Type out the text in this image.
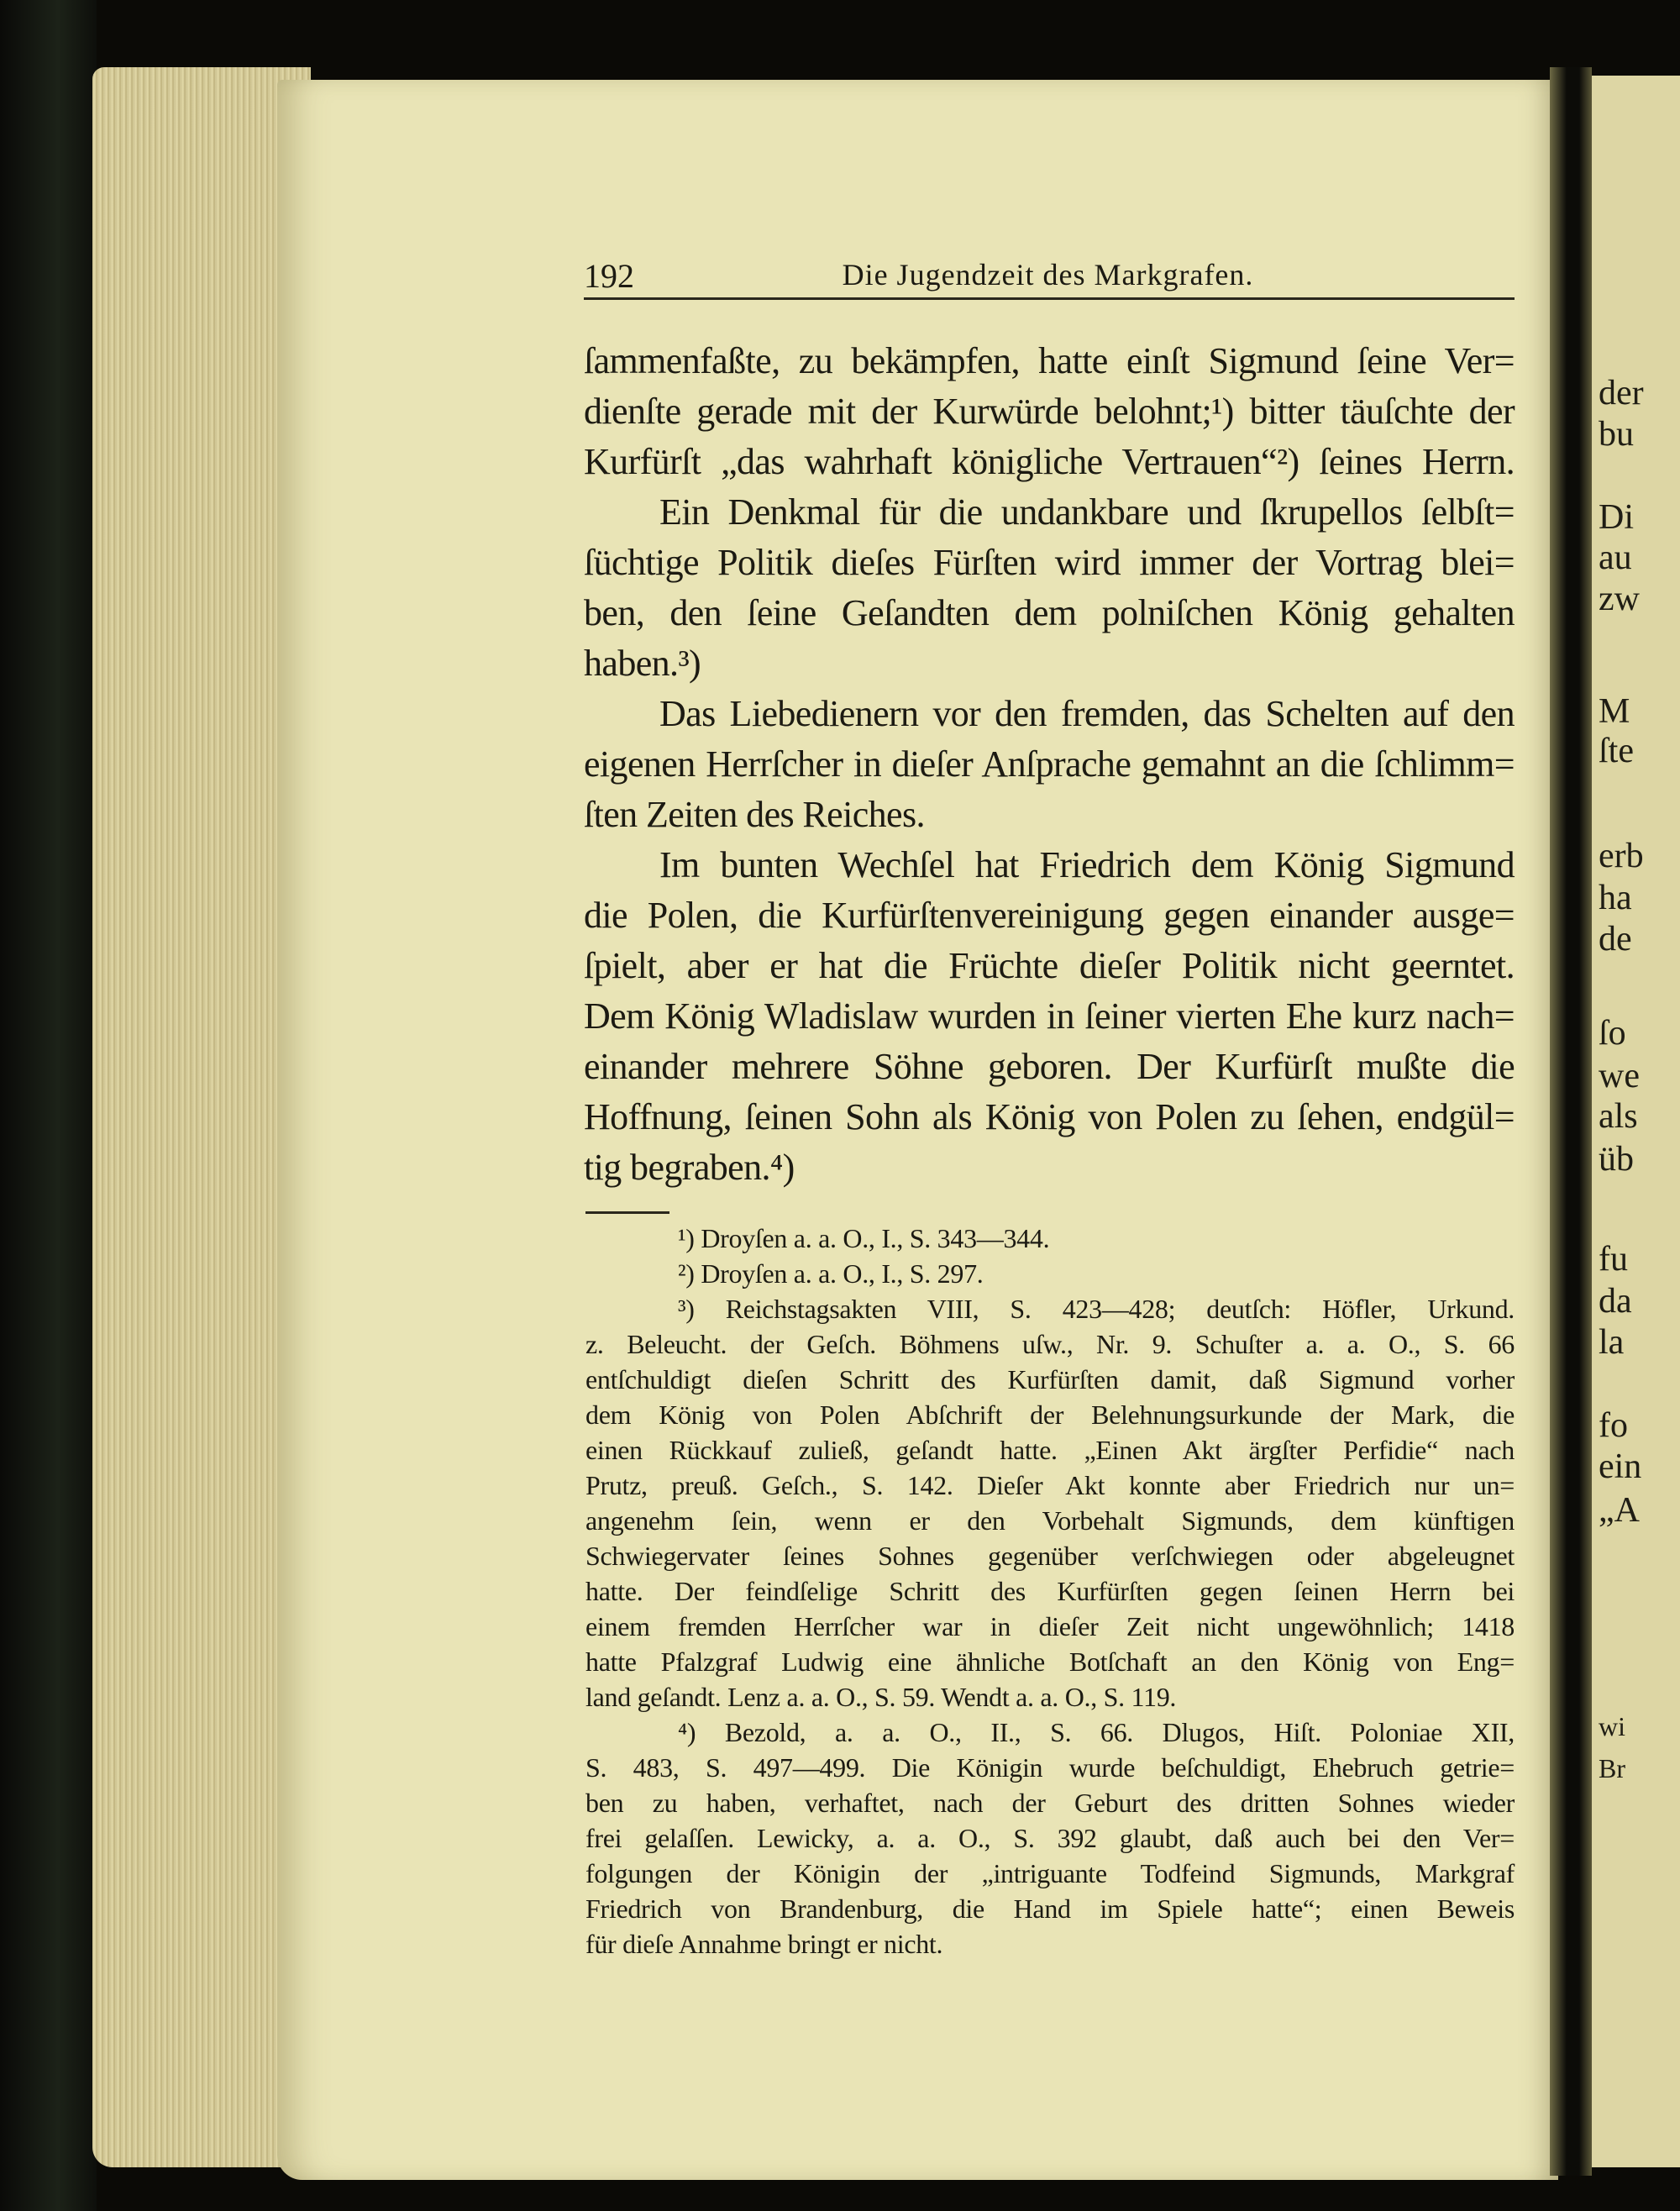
der
bu
Di
au
zw
M
ſte
erb
ha
de
ſo
we
als
üb
fu
da
la
fo
ein
„A
wi
Br
192	Die Jugendzeit des Markgrafen.
ſammenfaßte, zu bekämpfen, hatte einſt Sigmund ſeine Ver=
dienſte gerade mit der Kurwürde belohnt;¹) bitter täuſchte der
Kurfürſt „das wahrhaft königliche Vertrauen“²) ſeines Herrn.
Ein Denkmal für die undankbare und ſkrupellos ſelbſt=
ſüchtige Politik dieſes Fürſten wird immer der Vortrag blei=
ben, den ſeine Geſandten dem polniſchen König gehalten
haben.³)
Das Liebedienern vor den fremden, das Schelten auf den
eigenen Herrſcher in dieſer Anſprache gemahnt an die ſchlimm=
ſten Zeiten des Reiches.
Im bunten Wechſel hat Friedrich dem König Sigmund
die Polen, die Kurfürſtenvereinigung gegen einander ausge=
ſpielt, aber er hat die Früchte dieſer Politik nicht geerntet.
Dem König Wladislaw wurden in ſeiner vierten Ehe kurz nach=
einander mehrere Söhne geboren. Der Kurfürſt mußte die
Hoffnung, ſeinen Sohn als König von Polen zu ſehen, endgül=
tig begraben.⁴)
¹) Droyſen a. a. O., I., S. 343—344.
²) Droyſen a. a. O., I., S. 297.
³) Reichstagsakten VIII, S. 423—428; deutſch: Höfler, Urkund.
z. Beleucht. der Geſch. Böhmens uſw., Nr. 9. Schuſter a. a. O., S. 66
entſchuldigt dieſen Schritt des Kurfürſten damit, daß Sigmund vorher
dem König von Polen Abſchrift der Belehnungsurkunde der Mark, die
einen Rückkauf zuließ, geſandt hatte. „Einen Akt ärgſter Perfidie“ nach
Prutz, preuß. Geſch., S. 142. Dieſer Akt konnte aber Friedrich nur un=
angenehm ſein, wenn er den Vorbehalt Sigmunds, dem künftigen
Schwiegervater ſeines Sohnes gegenüber verſchwiegen oder abgeleugnet
hatte. Der feindſelige Schritt des Kurfürſten gegen ſeinen Herrn bei
einem fremden Herrſcher war in dieſer Zeit nicht ungewöhnlich; 1418
hatte Pfalzgraf Ludwig eine ähnliche Botſchaft an den König von Eng=
land geſandt. Lenz a. a. O., S. 59. Wendt a. a. O., S. 119.
⁴) Bezold, a. a. O., II., S. 66. Dlugos, Hiſt. Poloniae XII,
S. 483, S. 497—499. Die Königin wurde beſchuldigt, Ehebruch getrie=
ben zu haben, verhaftet, nach der Geburt des dritten Sohnes wieder
frei gelaſſen. Lewicky, a. a. O., S. 392 glaubt, daß auch bei den Ver=
folgungen der Königin der „intriguante Todfeind Sigmunds, Markgraf
Friedrich von Brandenburg, die Hand im Spiele hatte“; einen Beweis
für dieſe Annahme bringt er nicht.
